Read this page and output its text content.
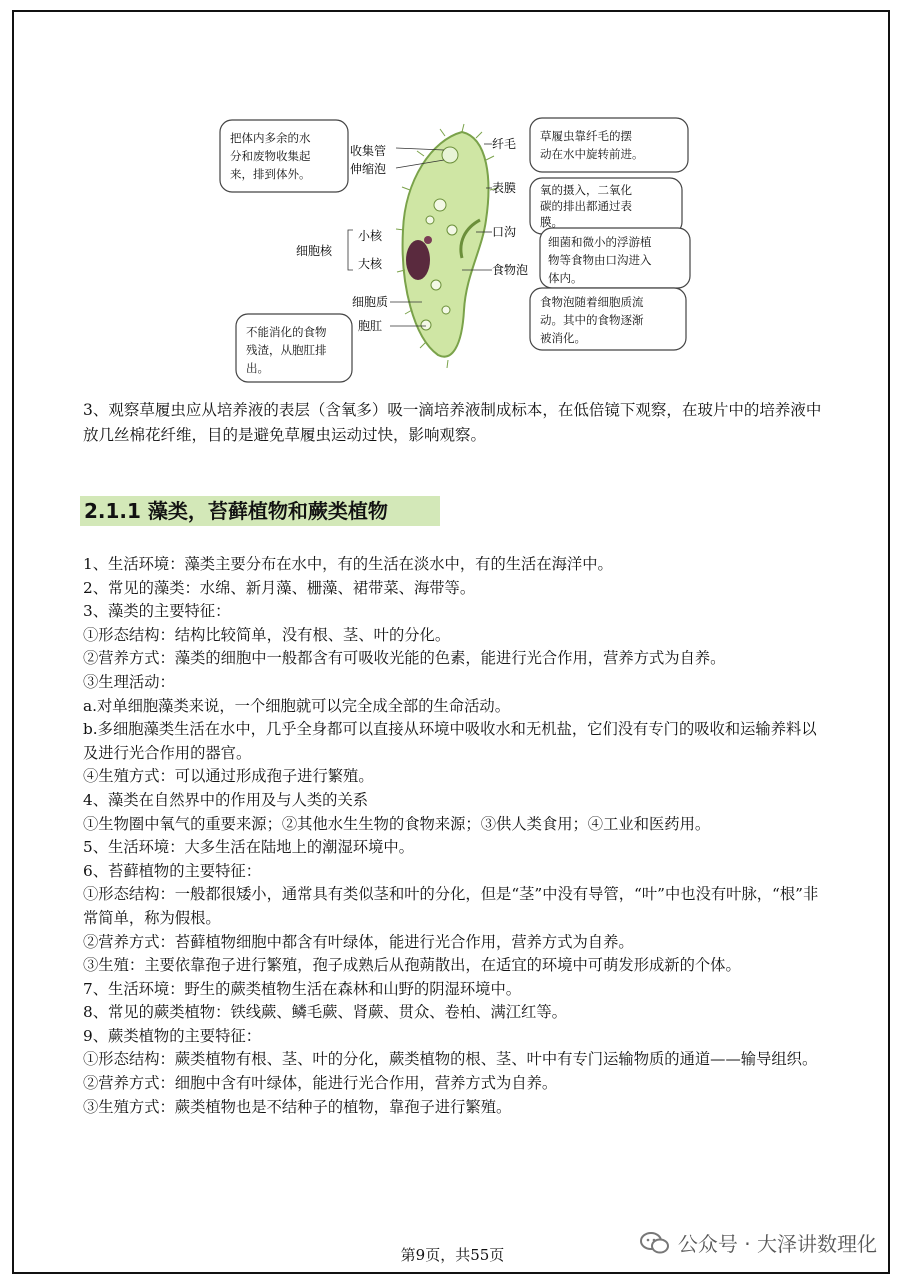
收集管
伸缩泡
纤毛
表膜
口沟
食物泡
细胞核
小核
大核
细胞质
胞肛
把体内多余的水
分和废物收集起
来，排到体外。
草履虫靠纤毛的摆
动在水中旋转前进。
氧的摄入，二氧化
碳的排出都通过表
膜。
细菌和微小的浮游植
物等食物由口沟进入
体内。
食物泡随着细胞质流
动。其中的食物逐渐
被消化。
不能消化的食物
残渣，从胞肛排
出。

3、观察草履虫应从培养液的表层（含氧多）吸一滴培养液制成标本，在低倍镜下观察，在玻片中的培养液中放几丝棉花纤维，目的是避免草履虫运动过快，影响观察。

2.1.1 藻类，苔藓植物和蕨类植物
1、生活环境：藻类主要分布在水中，有的生活在淡水中，有的生活在海洋中。
2、常见的藻类：水绵、新月藻、栅藻、裙带菜、海带等。
3、藻类的主要特征：
①形态结构：结构比较简单，没有根、茎、叶的分化。
②营养方式：藻类的细胞中一般都含有可吸收光能的色素，能进行光合作用，营养方式为自养。
③生理活动：
a.对单细胞藻类来说，一个细胞就可以完全成全部的生命活动。
b.多细胞藻类生活在水中，几乎全身都可以直接从环境中吸收水和无机盐，它们没有专门的吸收和运输养料以及进行光合作用的器官。
④生殖方式：可以通过形成孢子进行繁殖。
4、藻类在自然界中的作用及与人类的关系
①生物圈中氧气的重要来源；②其他水生生物的食物来源；③供人类食用；④工业和医药用。
5、生活环境：大多生活在陆地上的潮湿环境中。
6、苔藓植物的主要特征：
①形态结构：一般都很矮小，通常具有类似茎和叶的分化，但是“茎”中没有导管，“叶”中也没有叶脉，“根”非常简单，称为假根。
②营养方式：苔藓植物细胞中都含有叶绿体，能进行光合作用，营养方式为自养。
③生殖：主要依靠孢子进行繁殖，孢子成熟后从孢蒴散出，在适宜的环境中可萌发形成新的个体。
7、生活环境：野生的蕨类植物生活在森林和山野的阴湿环境中。
8、常见的蕨类植物：铁线蕨、鳞毛蕨、肾蕨、贯众、卷柏、满江红等。
9、蕨类植物的主要特征：
①形态结构：蕨类植物有根、茎、叶的分化，蕨类植物的根、茎、叶中有专门运输物质的通道——输导组织。
②营养方式：细胞中含有叶绿体，能进行光合作用，营养方式为自养。
③生殖方式：蕨类植物也是不结种子的植物，靠孢子进行繁殖。
公众号 · 大泽讲数理化
第9页，共55页
